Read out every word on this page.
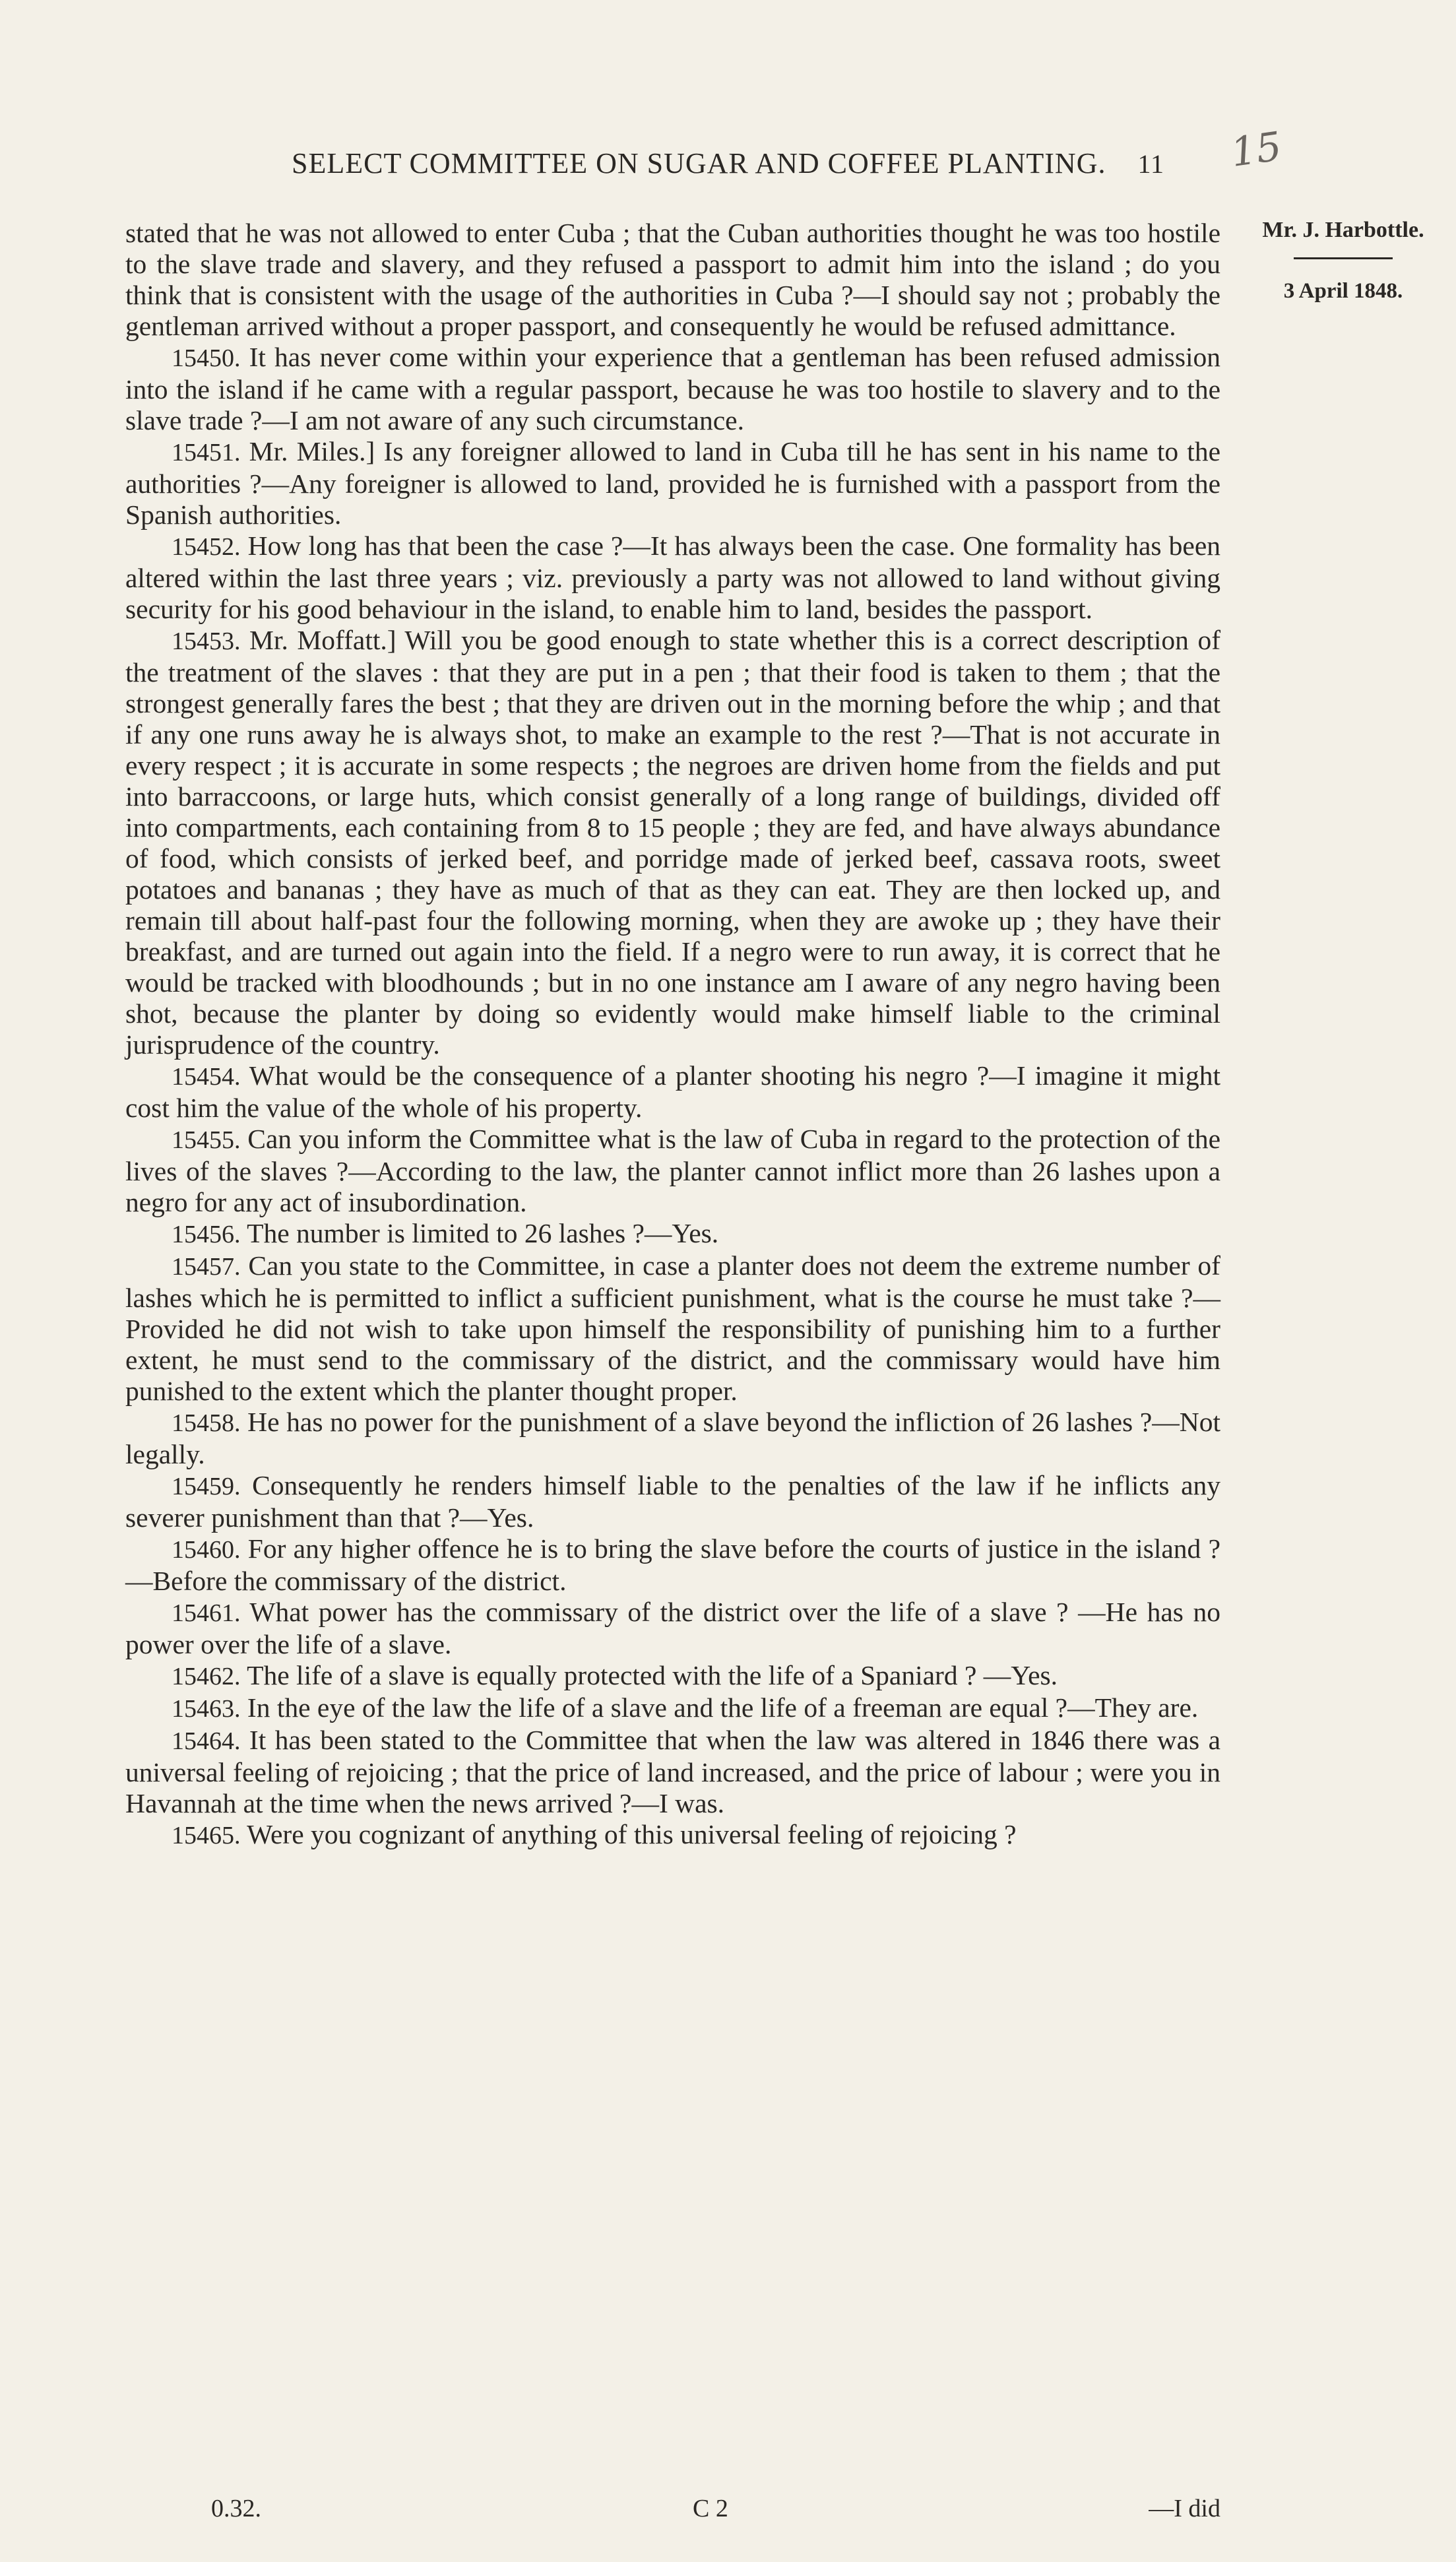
SELECT COMMITTEE ON SUGAR AND COFFEE PLANTING. 11	15
Mr. J. Harbottle.
3 April 1848.

stated that he was not allowed to enter Cuba ; that the Cuban authorities thought he was too hostile to the slave trade and slavery, and they refused a passport to admit him into the island ; do you think that is consistent with the usage of the authorities in Cuba ?—I should say not ; probably the gentleman arrived without a proper passport, and consequently he would be refused admittance.

15450. It has never come within your experience that a gentleman has been refused admission into the island if he came with a regular passport, because he was too hostile to slavery and to the slave trade ?—I am not aware of any such circumstance.

15451. Mr. Miles.] Is any foreigner allowed to land in Cuba till he has sent in his name to the authorities ?—Any foreigner is allowed to land, provided he is furnished with a passport from the Spanish authorities.

15452. How long has that been the case ?—It has always been the case. One formality has been altered within the last three years ; viz. previously a party was not allowed to land without giving security for his good behaviour in the island, to enable him to land, besides the passport.

15453. Mr. Moffatt.] Will you be good enough to state whether this is a correct description of the treatment of the slaves : that they are put in a pen ; that their food is taken to them ; that the strongest generally fares the best ; that they are driven out in the morning before the whip ; and that if any one runs away he is always shot, to make an example to the rest ?—That is not accurate in every respect ; it is accurate in some respects ; the negroes are driven home from the fields and put into barraccoons, or large huts, which consist generally of a long range of buildings, divided off into compartments, each containing from 8 to 15 people ; they are fed, and have always abundance of food, which consists of jerked beef, and porridge made of jerked beef, cassava roots, sweet potatoes and bananas ; they have as much of that as they can eat. They are then locked up, and remain till about half-past four the following morning, when they are awoke up ; they have their breakfast, and are turned out again into the field. If a negro were to run away, it is correct that he would be tracked with bloodhounds ; but in no one instance am I aware of any negro having been shot, because the planter by doing so evidently would make himself liable to the criminal jurisprudence of the country.

15454. What would be the consequence of a planter shooting his negro ?—I imagine it might cost him the value of the whole of his property.

15455. Can you inform the Committee what is the law of Cuba in regard to the protection of the lives of the slaves ?—According to the law, the planter cannot inflict more than 26 lashes upon a negro for any act of insubordination.

15456. The number is limited to 26 lashes ?—Yes.

15457. Can you state to the Committee, in case a planter does not deem the extreme number of lashes which he is permitted to inflict a sufficient punishment, what is the course he must take ?—Provided he did not wish to take upon himself the responsibility of punishing him to a further extent, he must send to the commissary of the district, and the commissary would have him punished to the extent which the planter thought proper.

15458. He has no power for the punishment of a slave beyond the infliction of 26 lashes ?—Not legally.

15459. Consequently he renders himself liable to the penalties of the law if he inflicts any severer punishment than that ?—Yes.

15460. For any higher offence he is to bring the slave before the courts of justice in the island ?—Before the commissary of the district.

15461. What power has the commissary of the district over the life of a slave ? —He has no power over the life of a slave.

15462. The life of a slave is equally protected with the life of a Spaniard ? —Yes.

15463. In the eye of the law the life of a slave and the life of a freeman are equal ?—They are.

15464. It has been stated to the Committee that when the law was altered in 1846 there was a universal feeling of rejoicing ; that the price of land increased, and the price of labour ; were you in Havannah at the time when the news arrived ?—I was.

15465. Were you cognizant of anything of this universal feeling of rejoicing ?

0.32.	C 2	—I did
